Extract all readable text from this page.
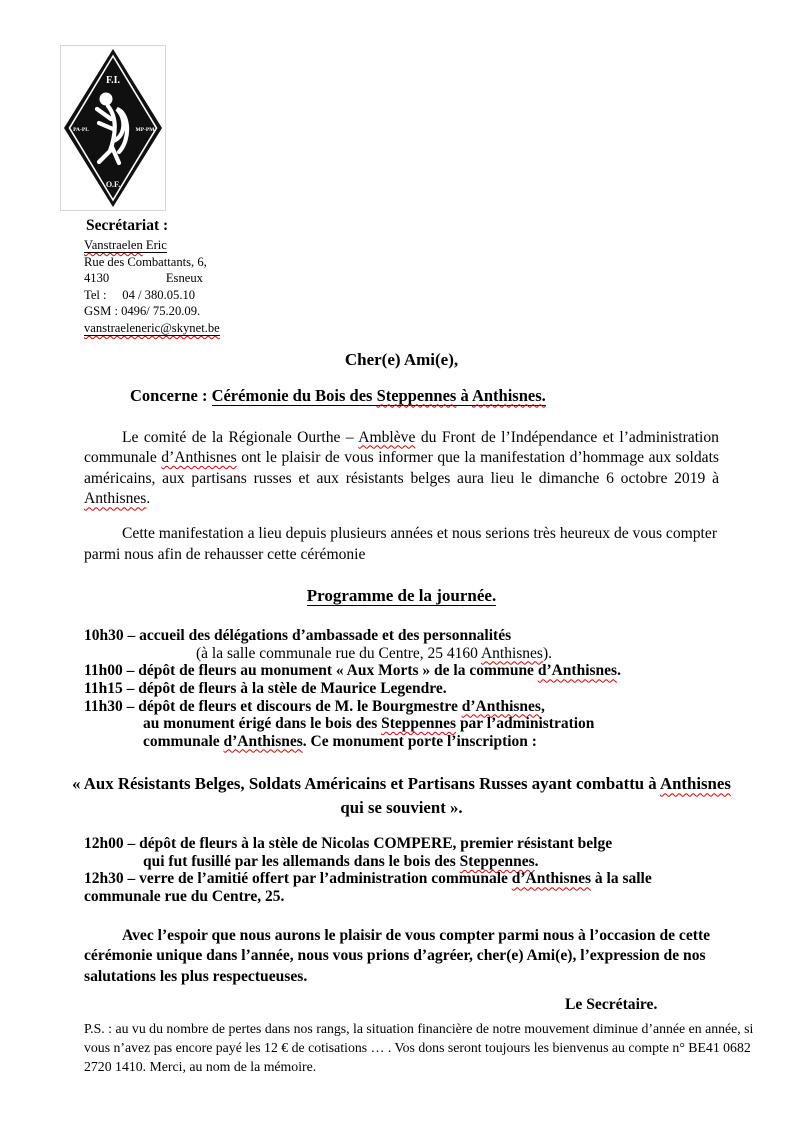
F.I.
PA-PL	MP-PM
O.F.
Secrétariat :
Vanstraelen Eric
Rue des Combattants, 6,
4130                  Esneux
Tel :     04 / 380.05.10
GSM : 0496/ 75.20.09.
vanstraeleneric@skynet.be
Cher(e) Ami(e),
Concerne : Cérémonie du Bois des Steppennes à Anthisnes.

Le comité de la Régionale Ourthe – Amblève du Front de l’Indépendance et l’administration communale d’Anthisnes ont le plaisir de vous informer que la manifestation d’hommage aux soldats américains, aux partisans russes et aux résistants belges aura lieu le dimanche 6 octobre 2019 à Anthisnes.

Cette manifestation a lieu depuis plusieurs années et nous serions très heureux de vous compter parmi nous afin de rehausser cette cérémonie

Programme de la journée.
10h30 – accueil des délégations d’ambassade et des personnalités
(à la salle communale rue du Centre, 25 4160 Anthisnes).
11h00 – dépôt de fleurs au monument « Aux Morts » de la commune d’Anthisnes.
11h15 – dépôt de fleurs à la stèle de Maurice Legendre.
11h30 – dépôt de fleurs et discours de M. le Bourgmestre d’Anthisnes,
au monument érigé dans le bois des Steppennes par l’administration
communale d’Anthisnes. Ce monument porte l’inscription :
« Aux Résistants Belges, Soldats Américains et Partisans Russes ayant combattu à Anthisnes qui se souvient ».
12h00 – dépôt de fleurs à la stèle de Nicolas COMPERE, premier résistant belge
qui fut fusillé par les allemands dans le bois des Steppennes.
12h30 – verre de l’amitié offert par l’administration communale d’Anthisnes à la salle
communale rue du Centre, 25.

Avec l’espoir que nous aurons le plaisir de vous compter parmi nous à l’occasion de cette cérémonie unique dans l’année, nous vous prions d’agréer, cher(e) Ami(e), l’expression de nos salutations les plus respectueuses.

Le Secrétaire.

P.S. : au vu du nombre de pertes dans nos rangs, la situation financière de notre mouvement diminue d’année en année, si vous n’avez pas encore payé les 12 € de cotisations … . Vos dons seront toujours les bienvenus au compte n° BE41 0682 2720 1410. Merci, au nom de la mémoire.
